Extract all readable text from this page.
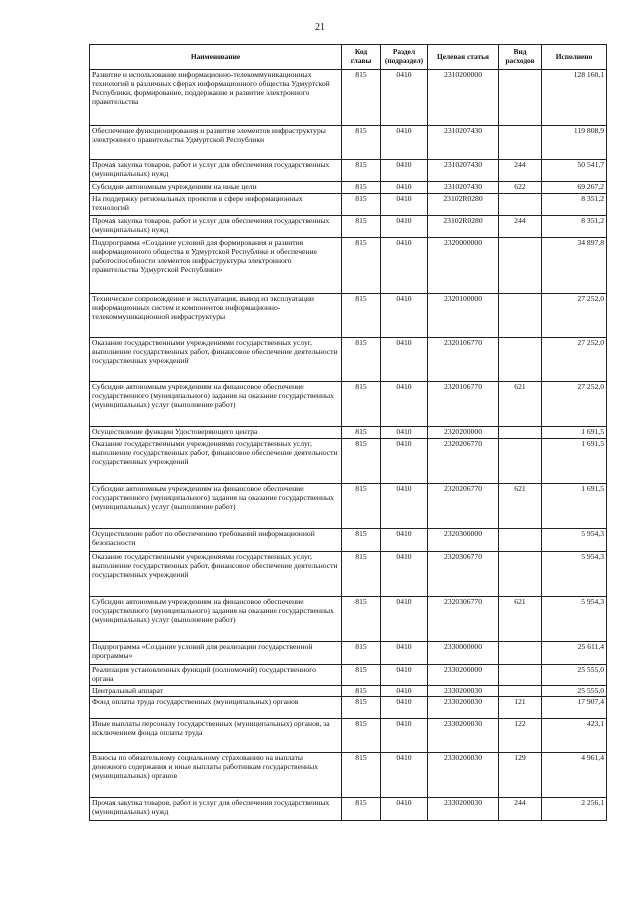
21
Наименование	Код главы	Раздел (подраздел)	Целевая статья	Вид расходов	Исполнено
Развитие и использование информационно-телекоммуникационных технологий в различных сферах информационного общества Удмуртской Республики, формирование, поддержание и развитие электронного правительства	815	0410	2310200000		128 160,1
Обеспечение функционирования и развития элементов инфраструктуры электронного правительства Удмуртской Республики	815	0410	2310207430		119 808,9
Прочая закупка товаров, работ и услуг для обеспечения государственных (муниципальных) нужд	815	0410	2310207430	244	50 541,7
Субсидии автономным учреждениям на иные цели	815	0410	2310207430	622	69 267,2
На поддержку региональных проектов в сфере информационных технологий	815	0410	23102R0280		8 351,2
Прочая закупка товаров, работ и услуг для обеспечения государственных (муниципальных) нужд	815	0410	23102R0280	244	8 351,2
Подпрограмма «Создание условий для формирования и развития информационного общества в Удмуртской Республике и обеспечение работоспособности элементов инфраструктуры электронного правительства Удмуртской Республики»	815	0410	2320000000		34 897,8
Техническое сопровождение и эксплуатация, вывод из эксплуатации информационных систем и компонентов информационно-телекоммуникационной инфраструктуры	815	0410	2320100000		27 252,0
Оказание государственными учреждениями государственных услуг, выполнение государственных работ, финансовое обеспечение деятельности государственных учреждений	815	0410	2320106770		27 252,0
Субсидии автономным учреждениям на финансовое обеспечение государственного (муниципального) задания на оказание государственных (муниципальных) услуг (выполнение работ)	815	0410	2320106770	621	27 252,0
Осуществление функции Удостоверяющего центра	815	0410	2320200000		1 691,5
Оказание государственными учреждениями государственных услуг, выполнение государственных работ, финансовое обеспечение деятельности государственных учреждений	815	0410	2320206770		1 691,5
Субсидии автономным учреждениям на финансовое обеспечение государственного (муниципального) задания на оказание государственных (муниципальных) услуг (выполнение работ)	815	0410	2320206770	621	1 691,5
Осуществление работ по обеспечению требований информационной безопасности	815	0410	2320300000		5 954,3
Оказание государственными учреждениями государственных услуг, выполнение государственных работ, финансовое обеспечение деятельности государственных учреждений	815	0410	2320306770		5 954,3
Субсидии автономным учреждениям на финансовое обеспечение государственного (муниципального) задания на оказание государственных (муниципальных) услуг (выполнение работ)	815	0410	2320306770	621	5 954,3
Подпрограмма «Создание условий для реализации государственной программы»	815	0410	2330000000		25 611,4
Реализация установленных функций (полномочий) государственного органа	815	0410	2330200000		25 555,0
Центральный аппарат	815	0410	2330200030		25 555,0
Фонд оплаты труда государственных (муниципальных) органов	815	0410	2330200030	121	17 907,4
Иные выплаты персоналу государственных (муниципальных) органов, за исключением фонда оплаты труда	815	0410	2330200030	122	423,1
Взносы по обязательному социальному страхованию на выплаты денежного содержания и иные выплаты работникам государственных (муниципальных) органов	815	0410	2330200030	129	4 961,4
Прочая закупка товаров, работ и услуг для обеспечения государственных (муниципальных) нужд	815	0410	2330200030	244	2 256,1
